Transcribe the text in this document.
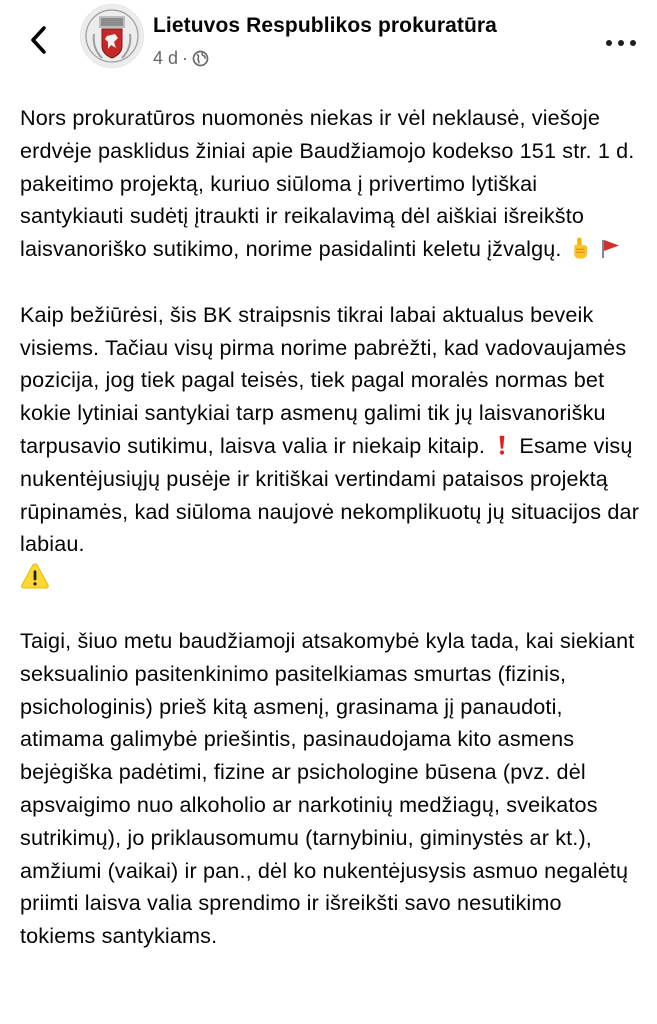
Lietuvos Respublikos prokuratūra
4 d ·

Nors prokuratūros nuomonės niekas ir vėl neklausė, viešoje erdvėje pasklidus žiniai apie Baudžiamojo kodekso 151 str. 1 d. pakeitimo projektą, kuriuo siūloma į privertimo lytiškai santykiauti sudėtį įtraukti ir reikalavimą dėl aiškiai išreikšto laisvanoriško sutikimo, norime pasidalinti keletu įžvalgų.

Kaip bežiūrėsi, šis BK straipsnis tikrai labai aktualus beveik visiems. Tačiau visų pirma norime pabrėžti, kad vadovaujamės pozicija, jog tiek pagal teisės, tiek pagal moralės normas bet kokie lytiniai santykiai tarp asmenų galimi tik jų laisvanorišku tarpusavio sutikimu, laisva valia ir niekaip kitaip. Esame visų nukentėjusiųjų pusėje ir kritiškai vertindami pataisos projektą rūpinamės, kad siūloma naujovė nekomplikuotų jų situacijos dar labiau.

Taigi, šiuo metu baudžiamoji atsakomybė kyla tada, kai siekiant seksualinio pasitenkinimo pasitelkiamas smurtas (fizinis, psichologinis) prieš kitą asmenį, grasinama jį panaudoti, atimama galimybė priešintis, pasinaudojama kito asmens bejėgiška padėtimi, fizine ar psichologine būsena (pvz. dėl apsvaigimo nuo alkoholio ar narkotinių medžiagų, sveikatos sutrikimų), jo priklausomumu (tarnybiniu, giminystės ar kt.), amžiumi (vaikai) ir pan., dėl ko nukentėjusysis asmuo negalėtų priimti laisva valia sprendimo ir išreikšti savo nesutikimo tokiems santykiams.
